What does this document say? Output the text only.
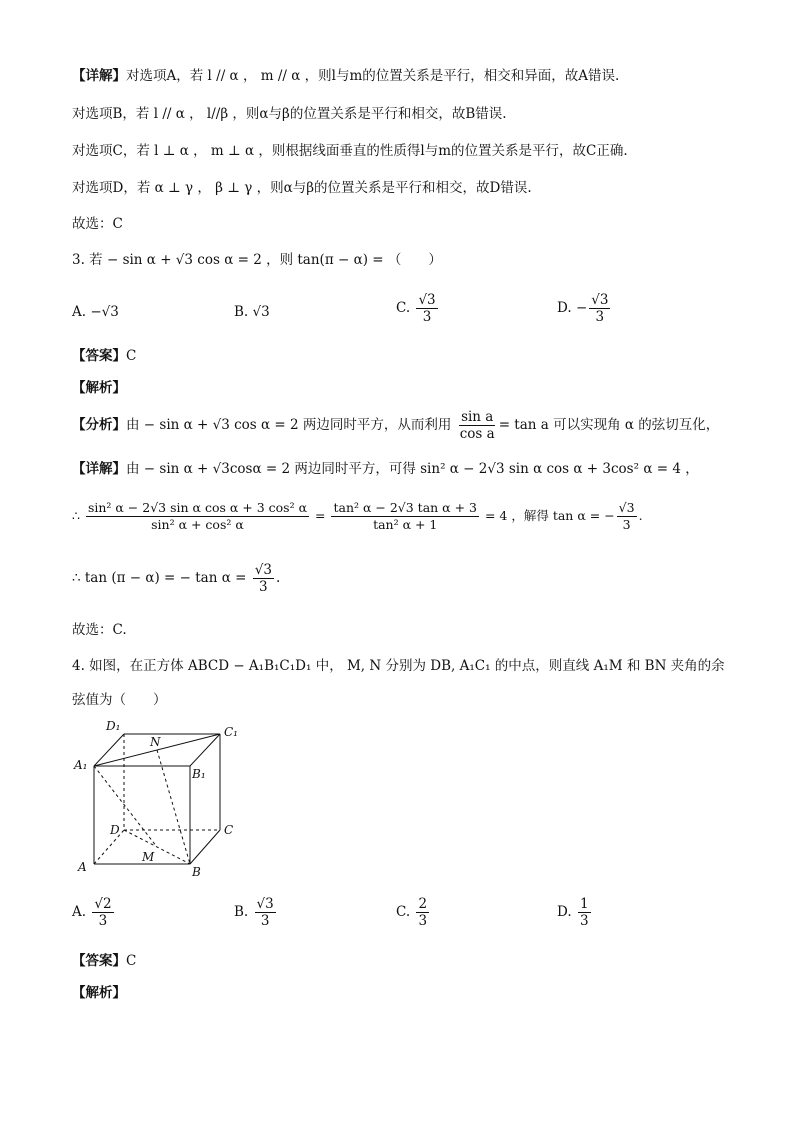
【详解】对选项A，若 l // α ， m // α ，则l与m的位置关系是平行，相交和异面，故A错误.
对选项B，若 l // α ， l//β ，则α与β的位置关系是平行和相交，故B错误.
对选项C，若 l ⊥ α ， m ⊥ α ，则根据线面垂直的性质得l与m的位置关系是平行，故C正确.
对选项D，若 α ⊥ γ ， β ⊥ γ ，则α与β的位置关系是平行和相交，故D错误.
故选：C
3. 若 − sin α + √3 cos α = 2 ，则 tan(π − α) = （　　）
A. −√3	B. √3	C. $\frac{√3}{3}$	D. − $\frac{√3}{3}$
【答案】C
【解析】
【分析】由 − sin α + √3 cos α = 2 两边同时平方，从而利用 $\frac{\text{sin a}}{\text{cos a}} = \tan a$ 可以实现角 α 的弦切互化，
【详解】由 − sin α + √3cosα = 2 两边同时平方，可得 sin² α − 2√3 sin α cos α + 3cos² α = 4 ，
∴ $\frac{\text{sin² α − 2√3 sin α cos α + 3 cos² α}}{\text{sin² α + cos² α}} = \frac{\text{tan² α − 2√3 tan α + 3}}{\text{tan² α + 1}} = 4$ ，解得 tan α = − $\frac{√3}{3}$ .
∴ tan (π − α) = − $\tan \alpha = \frac{√3}{3}$ .
故选：C.
4. 如图，在正方体 ABCD − A₁B₁C₁D₁ 中， M, N 分别为 DB, A₁C₁ 的中点，则直线 A₁M 和 BN 夹角的余
弦值为（　　）
D₁	C₁
A₁
B₁
N
D	C
A
M
B
A. $\frac{√2}{3}$	B. $\frac{√3}{3}$	C. $\frac{2}{3}$	D. $\frac{1}{3}$
【答案】C
【解析】
